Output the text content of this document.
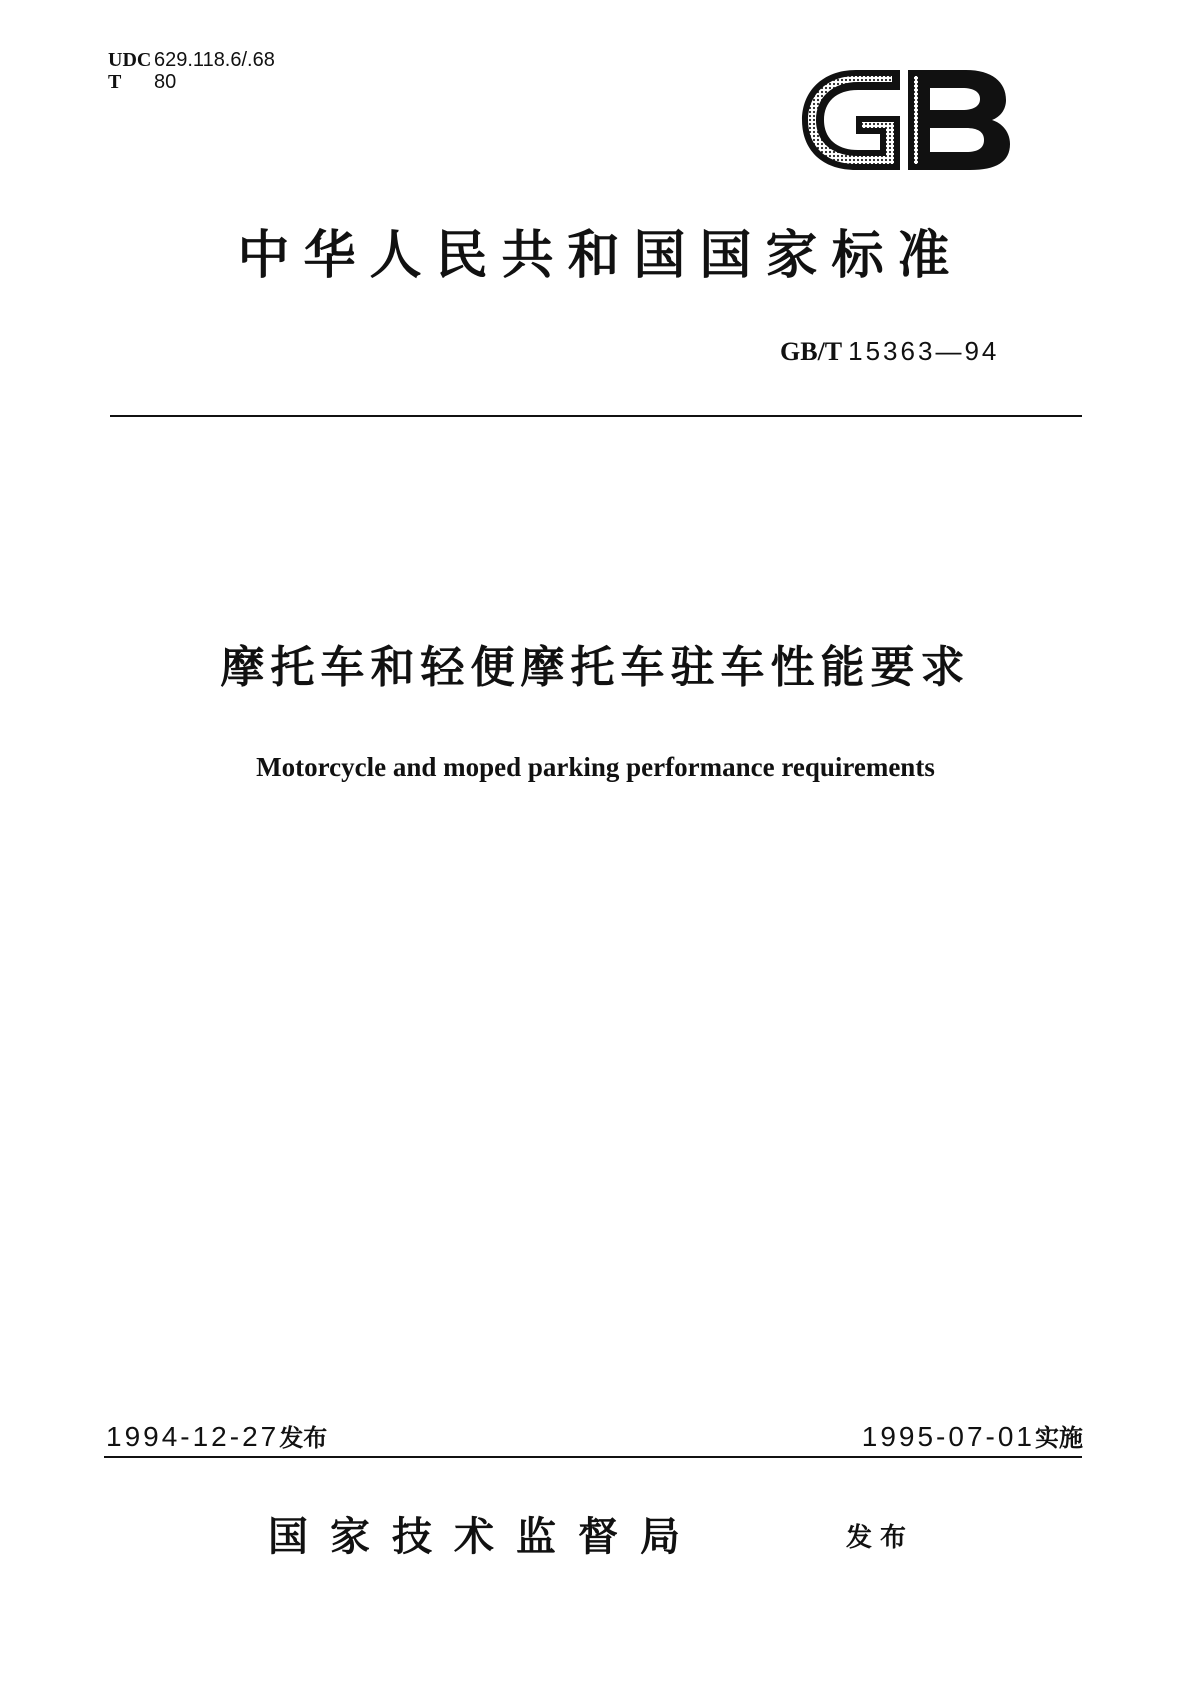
UDC 629.118.6/.68
T 80
中华人民共和国国家标准
GB/T 15363—94
摩托车和轻便摩托车驻车性能要求
Motorcycle and moped parking performance requirements
1994-12-27发布	1995-07-01实施
国家技术监督局	发布
